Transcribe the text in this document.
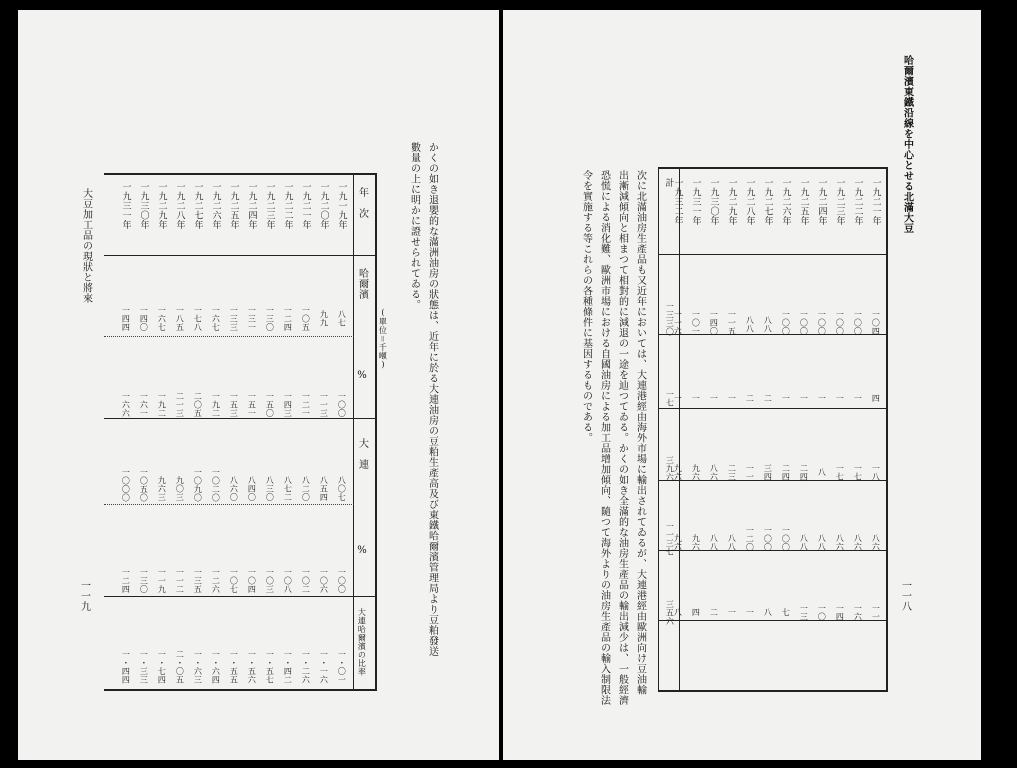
大豆加工品の現狀と將來
一一九	かくの如き退嬰的な滿洲油房の狀態は、近年に於る大連油房の豆粕生產高及び東鐵哈爾濱管理局より豆粕發送
數量の上に明かに證せられてゐる。
(單位＝千噸)
年　次
哈爾濱
%
大　連
%
大連哈爾濱の比率
一九一九年
一九二〇年
一九二一年
一九二二年
一九二三年
一九二四年
一九二五年
一九二六年
一九二七年
一九二八年
一九二九年
一九三〇年
一九三一年
八七
九九
一〇五
一二四
一三〇
一三一
一三三
一六七
一七八
一八五
一六七
一四〇
一四四
一〇〇
一一三
一二一
一四三
一五〇
一五一
一五三
一九二
二〇五
二一三
一九二
一六一
一六六
八〇七
八五四
八二〇
八七二
八三〇
八四〇
八六〇
一〇二〇
一〇九〇
九〇三
九六三
一〇五〇
一〇〇〇
一〇〇
一〇六
一〇二
一〇八
一〇三
一〇四
一〇七
一二六
一三五
一一二
一一九
一三〇
一二四
一・〇一
一・一六
一・二六
一・四二
一・五七
一・五六
一・五五
一・六四
一・六三
二・〇五
一・七四
一・三三
一・四四
哈爾濱東鐵沿線を中心とせる北滿大豆
一一八
一九二一年
一九二二年
一九二三年
一九二四年
一九二五年
一九二六年
一九二七年
一九二八年
一九二九年
一九三〇年
一九三一年
一九三二年
計
一〇四
一〇〇
一〇〇
一〇〇
一〇〇
一〇〇
八八
八八
一一五
一四〇
一〇一
一一六
一三三〇
四
一
一
一
一
一
二
二
一
一
一
一
一七
一八
一七
一七
八
二四
二四
三四
一一
二三
八六
九六
九六
三九六
八六
八六
八六
八八
八八
一〇〇
一〇〇
一二〇
八八
八八
九六
九六
一一三七
一一
一六
一四
一〇
一三
七
八
一
一
二
四
八
三五六
次に北滿油房生產品も又近年においては、大連港經由海外市場に輸出されてゐるが、大連港經由歐洲向け豆油輸
出漸減傾向と相まつて相對的に減退の一途を辿つてゐる。かくの如き全滿的な油房生產品の輸出減少は、一般經濟
恐慌による消化難、歐洲市場における自國油房による加工品增加傾向、隨つて海外よりの油房生產品の輸入制限法
令を實施する等これらの各種條件に基因するものである。
